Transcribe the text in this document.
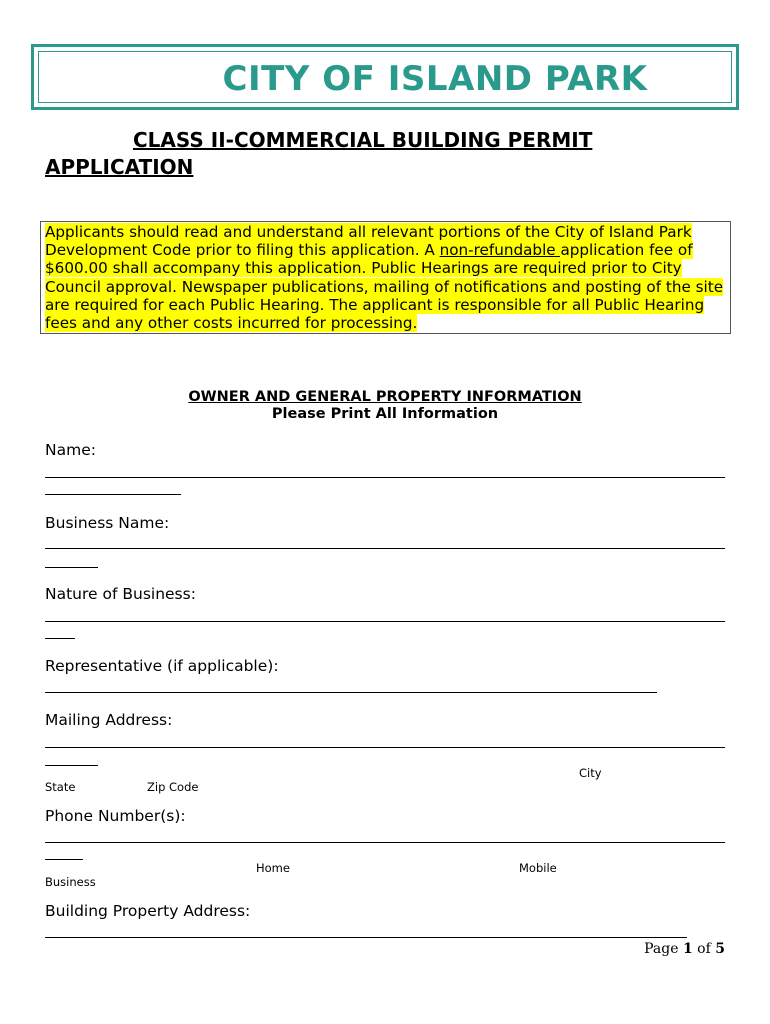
CITY OF ISLAND PARK
CLASS II-COMMERCIAL BUILDING PERMIT
APPLICATION
Applicants should read and understand all relevant portions of the City of Island Park Development Code prior to filing this application. A non-refundable application fee of $600.00 shall accompany this application. Public Hearings are required prior to City Council approval. Newspaper publications, mailing of notifications and posting of the site are required for each Public Hearing. The applicant is responsible for all Public Hearing fees and any other costs incurred for processing.
OWNER AND GENERAL PROPERTY INFORMATION
Please Print All Information
Name:
Business Name:
Nature of Business:
Representative (if applicable):
Mailing Address:
City
State	Zip Code
Phone Number(s):
Home	Mobile
Business
Building Property Address:
Page 1 of 5
